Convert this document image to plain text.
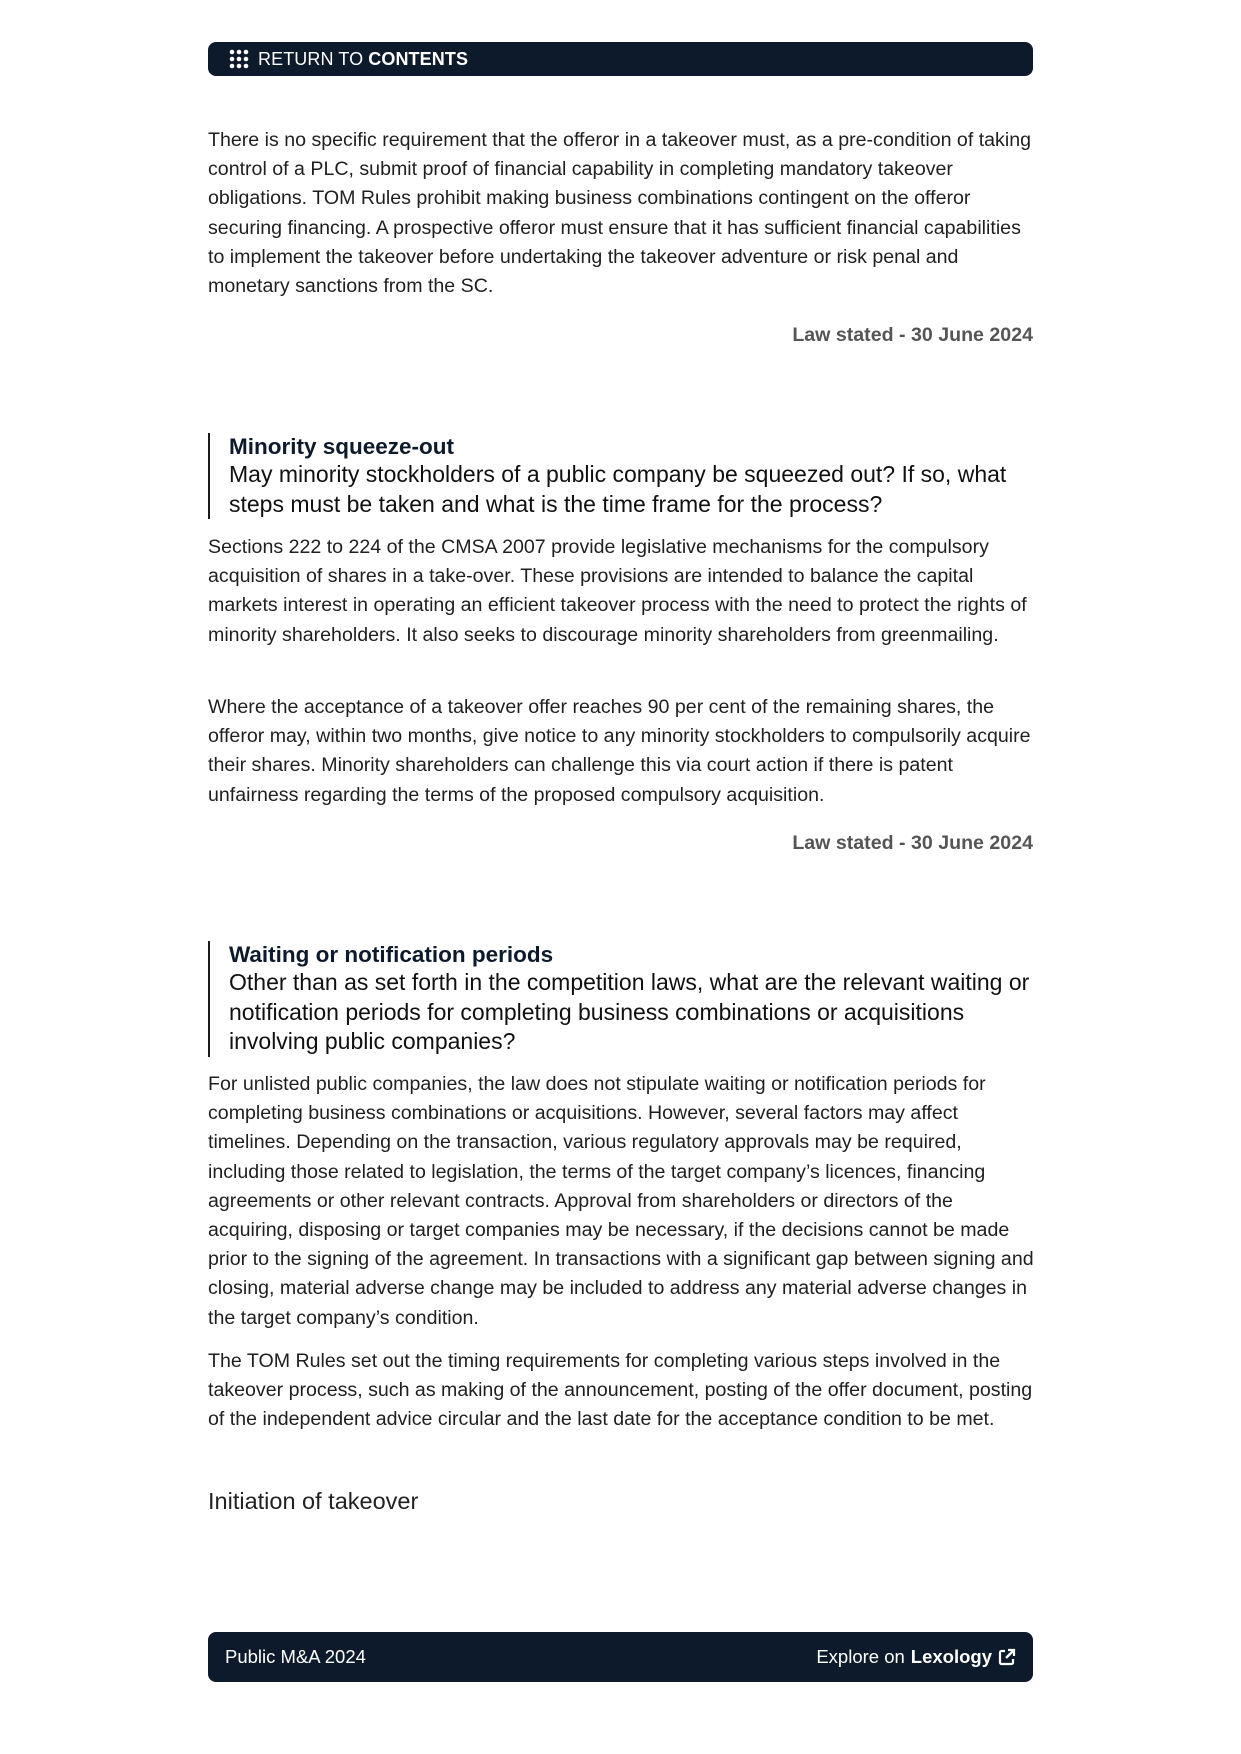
RETURN TO CONTENTS

There is no specific requirement that the offeror in a takeover must, as a pre-condition of taking control of a PLC, submit proof of financial capability in completing mandatory takeover obligations. TOM Rules prohibit making business combinations contingent on the offeror securing financing. A prospective offeror must ensure that it has sufficient financial capabilities to implement the takeover before undertaking the takeover adventure or risk penal and monetary sanctions from the SC.

Law stated - 30 June 2024
Minority squeeze-out
May minority stockholders of a public company be squeezed out? If so, what steps must be taken and what is the time frame for the process?

Sections 222 to 224 of the CMSA 2007 provide legislative mechanisms for the compulsory acquisition of shares in a take-over. These provisions are intended to balance the capital markets interest in operating an efficient takeover process with the need to protect the rights of minority shareholders. It also seeks to discourage minority shareholders from greenmailing.

Where the acceptance of a takeover offer reaches 90 per cent of the remaining shares, the offeror may, within two months, give notice to any minority stockholders to compulsorily acquire their shares. Minority shareholders can challenge this via court action if there is patent unfairness regarding the terms of the proposed compulsory acquisition.

Law stated - 30 June 2024
Waiting or notification periods
Other than as set forth in the competition laws, what are the relevant waiting or notification periods for completing business combinations or acquisitions involving public companies?

For unlisted public companies, the law does not stipulate waiting or notification periods for completing business combinations or acquisitions. However, several factors may affect timelines. Depending on the transaction, various regulatory approvals may be required, including those related to legislation, the terms of the target company’s licences, financing agreements or other relevant contracts. Approval from shareholders or directors of the acquiring, disposing or target companies may be necessary, if the decisions cannot be made prior to the signing of the agreement. In transactions with a significant gap between signing and closing, material adverse change may be included to address any material adverse changes in the target company’s condition.

The TOM Rules set out the timing requirements for completing various steps involved in the takeover process, such as making of the announcement, posting of the offer document, posting of the independent advice circular and the last date for the acceptance condition to be met.

Initiation of takeover
Public M&A 2024	Explore on Lexology
